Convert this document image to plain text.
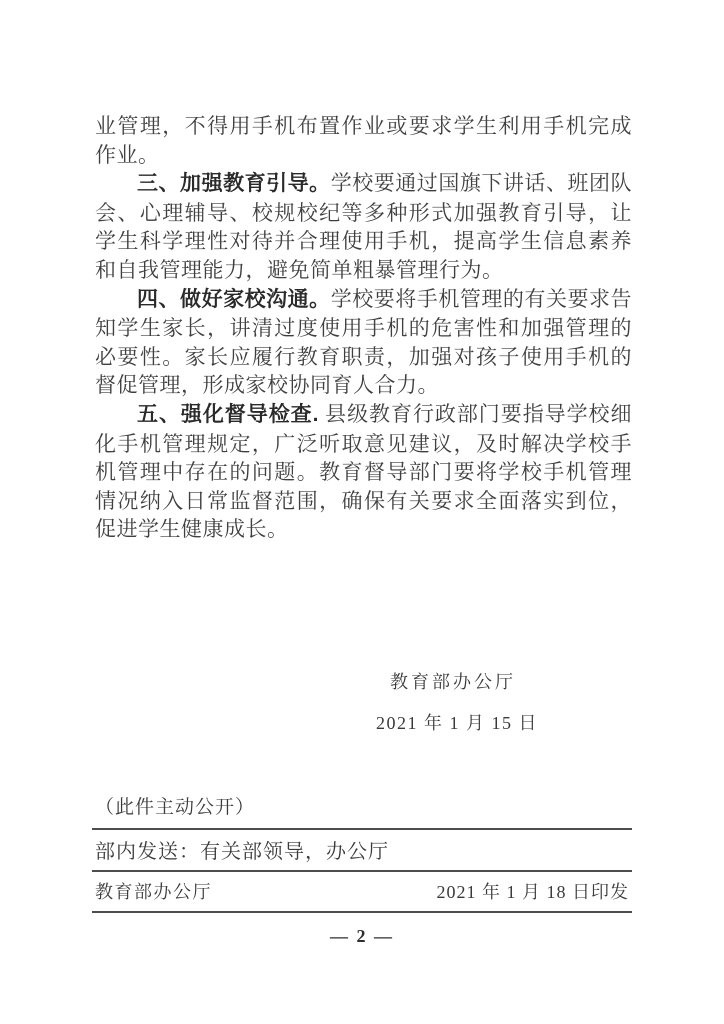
业管理，不得用手机布置作业或要求学生利用手机完成作业。

三、加强教育引导。学校要通过国旗下讲话、班团队会、心理辅导、校规校纪等多种形式加强教育引导，让学生科学理性对待并合理使用手机，提高学生信息素养和自我管理能力，避免简单粗暴管理行为。

四、做好家校沟通。学校要将手机管理的有关要求告知学生家长，讲清过度使用手机的危害性和加强管理的必要性。家长应履行教育职责，加强对孩子使用手机的督促管理，形成家校协同育人合力。

五、强化督导检查. 县级教育行政部门要指导学校细化手机管理规定，广泛听取意见建议，及时解决学校手机管理中存在的问题。教育督导部门要将学校手机管理情况纳入日常监督范围，确保有关要求全面落实到位，促进学生健康成长。

教育部办公厅
2021 年 1 月 15 日
（此件主动公开）
部内发送：有关部领导，办公厅
教育部办公厅	2021 年 1 月 18 日印发
— 2 —
